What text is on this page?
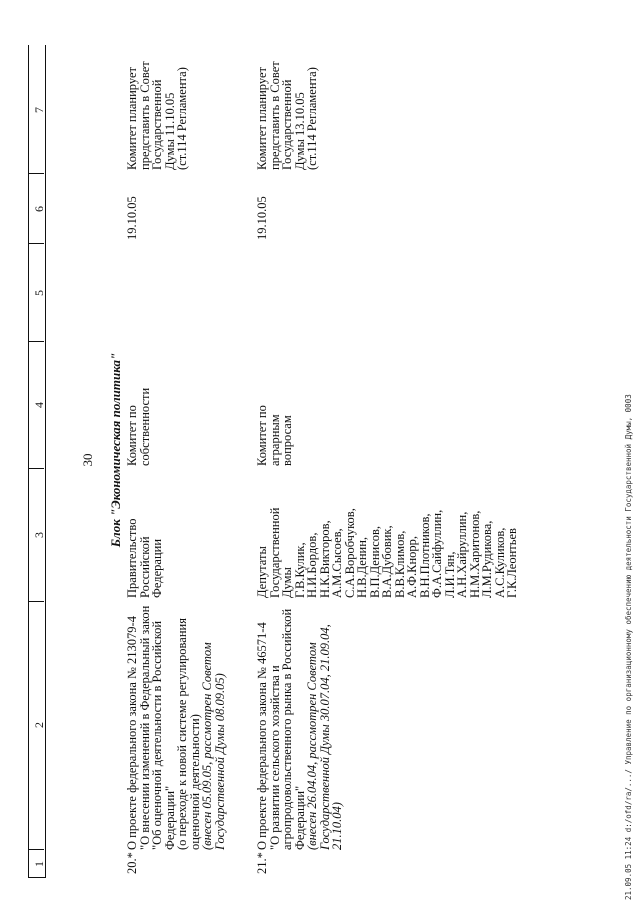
1
2
3
4
5
6
7
30 Блок "Экономическая политика"
20.*
О проекте федерального закона № 213079-4
"О внесении изменений в Федеральный закон
"Об оценочной деятельности в Российской
Федерации"
(о переходе к новой системе регулирования
оценочной деятельности)
(внесен 05.09.05, рассмотрен Советом
Государственной Думы 08.09.05)
Правительство
Российской
Федерации
Комитет по
собственности
19.10.05
Комитет планирует
представить в Совет
Государственной
Думы 11.10.05
(ст.114 Регламента)
21.*
О проекте федерального закона № 46571-4
"О развитии сельского хозяйства и
агропродовольственного рынка в Российской
Федерации"
(внесен 26.04.04, рассмотрен Советом
Государственной Думы 30.07.04, 21.09.04,
21.10.04)
Депутаты
Государственной
Думы
Г.В.Кулик,
Н.И.Бордов,
Н.К.Викторов,
А.М.Сысоев,
С.А.Воробчуков,
Н.В.Денин,
В.П.Денисов,
В.А.Дубовик,
В.В.Климов,
А.Ф.Кнорр,
В.Н.Плотников,
Ф.А.Сайфуллин,
Л.И.Тян,
А.Н.Хайруллин,
Н.М.Харитонов,
Л.М.Рудикова,
А.С.Куликов,
Г.К.Леонтьев
Комитет по
аграрным
вопросам
19.10.05
Комитет планирует
представить в Совет
Государственной
Думы 13.10.05
(ст.114 Регламента)
21.09.05 11:24 d:/ofd/ra/.../ Управление по организационному обеспечению деятельности Государственной Думы, 0003
